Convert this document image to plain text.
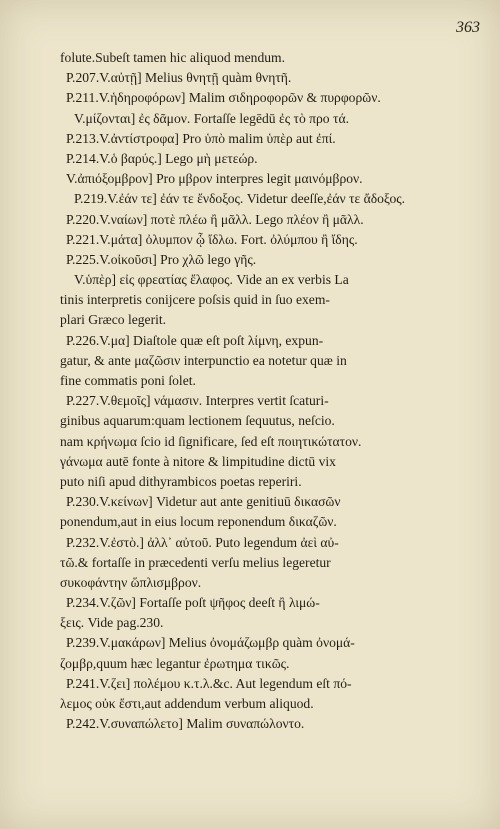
363
folute.Subeſt tamen hic aliquod mendum.
P.207.V.αὐτῇ] Melius θνητῇ quàm θνητῆ.
P.211.V.ἡδηροφόρων] Malim σιδηροφορῶν & πυρφορῶν.
V.μίζονται] ἐς δᾶμον. Fortaſſe legēdū ἐς τὸ προ τά.
P.213.V.ἀντίστροφα] Pro ὑπὸ malim ὑπὲρ aut ἐπί.
P.214.V.ὁ βαρύς.] Lego μὴ μετεώρ.
V.ἀπιόξομβρον] Pro μβρον interpres legit μαινόμβρον.
P.219.V.ἐάν τε] ἐάν τε ἔνδοξος. Videtur deeſſe,ἐάν τε ἄδοξος.
P.220.V.ναίων] ποτὲ πλέω ἢ μᾶλλ. Lego πλέον ἢ μᾶλλ.
P.221.V.μάτα] ὀλυμπον ᾧ ἴδλω. Fort. ὀλύμπου ἢ ἴδης.
P.225.V.οἰκοῦσι] Pro χλῶ lego γῆς.
V.ὑπὲρ] εἰς φρεατίας ἔλαφος. Vide an ex verbis La
tinis interpretis conijcere poſsis quid in ſuo exem-
plari Græco legerit.
P.226.V.μα] Diaſtole quæ eſt poſt λίμνη, expun-
gatur, & ante μαζῶσιν interpunctio ea notetur quæ in
fine commatis poni ſolet.
P.227.V.θεμοῖς] νάμασιν. Interpres vertit ſcaturi-
ginibus aquarum:quam lectionem ſequutus, neſcio.
nam κρήνωμα ſcio id ſignificare, ſed eſt ποιητικώτατον.
γάνωμα autē fonte à nitore & limpitudine dictū vix
puto niſi apud dithyrambicos poetas reperiri.
P.230.V.κείνων] Videtur aut ante genitiuū δικασῶν
ponendum,aut in eius locum reponendum δικαζῶν.
P.232.V.ἐστὸ.] ἀλλ᾽ αὐτοῦ. Puto legendum ἀεὶ αὐ-
τῶ.& fortaſſe in præcedenti verſu melius legeretur
συκοφάντην ὥπλισμβρον.
P.234.V.ζῶν] Fortaſſe poſt ψῆφος deeſt ἢ λιμώ-
ξεις. Vide pag.230.
P.239.V.μακάρων] Melius ὀνομάζωμβρ quàm ὀνομά-
ζομβρ,quum hæc legantur ἐρωτημα τικῶς.
P.241.V.ζει] πολέμου κ.τ.λ.&c. Aut legendum eſt πό-
λεμος οὐκ ἔστι,aut addendum verbum aliquod.
P.242.V.συναπώλετο] Malim συναπώλοντο.
